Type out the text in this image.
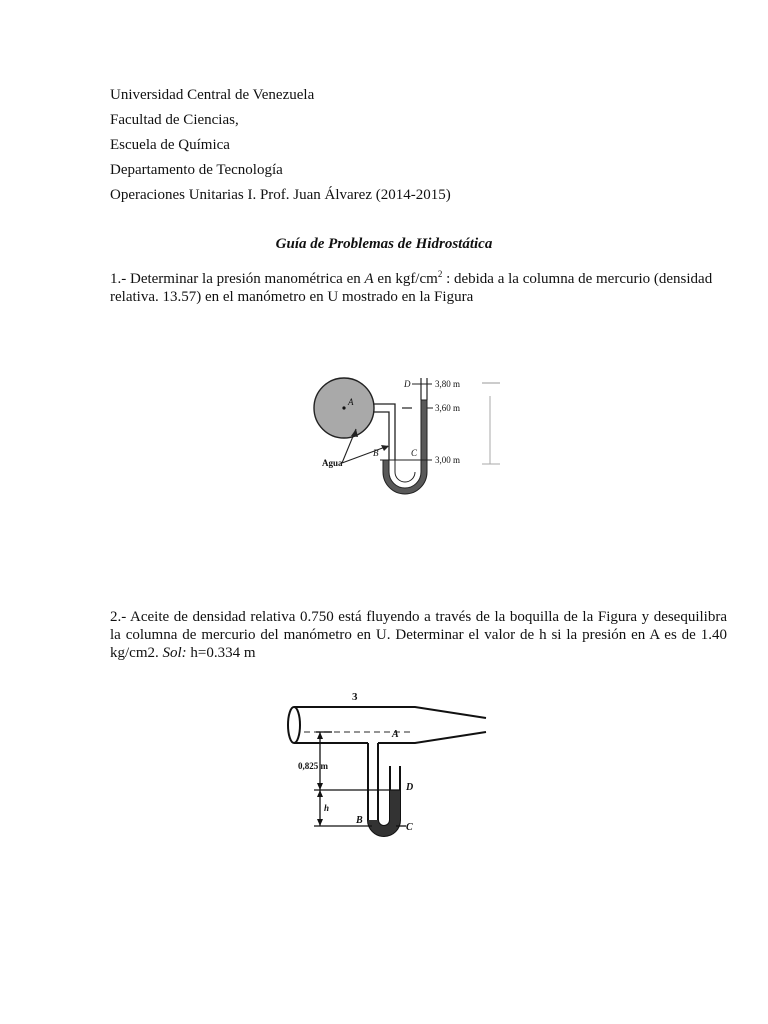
Universidad Central de Venezuela
Facultad de Ciencias,
Escuela de Química
Departamento de Tecnología
Operaciones Unitarias I. Prof. Juan Álvarez (2014-2015)
Guía de Problemas de Hidrostática

1.- Determinar la presión manométrica en A en kgf/$cm^2$ : debida a la columna de mercurio (densidad relativa. 13.57) en el manómetro en U mostrado en la Figura

A
D
B	C
3,80 m
3,60 m
3,00 m
Agua

2.- Aceite de densidad relativa 0.750 está fluyendo a través de la boquilla de la Figura y desequilibra la columna de mercurio del manómetro en U. Determinar el valor de h si la presión en A es de 1.40 kg/cm2. Sol: h=0.334 m

3
A
0,825 m
h
D
B
C
